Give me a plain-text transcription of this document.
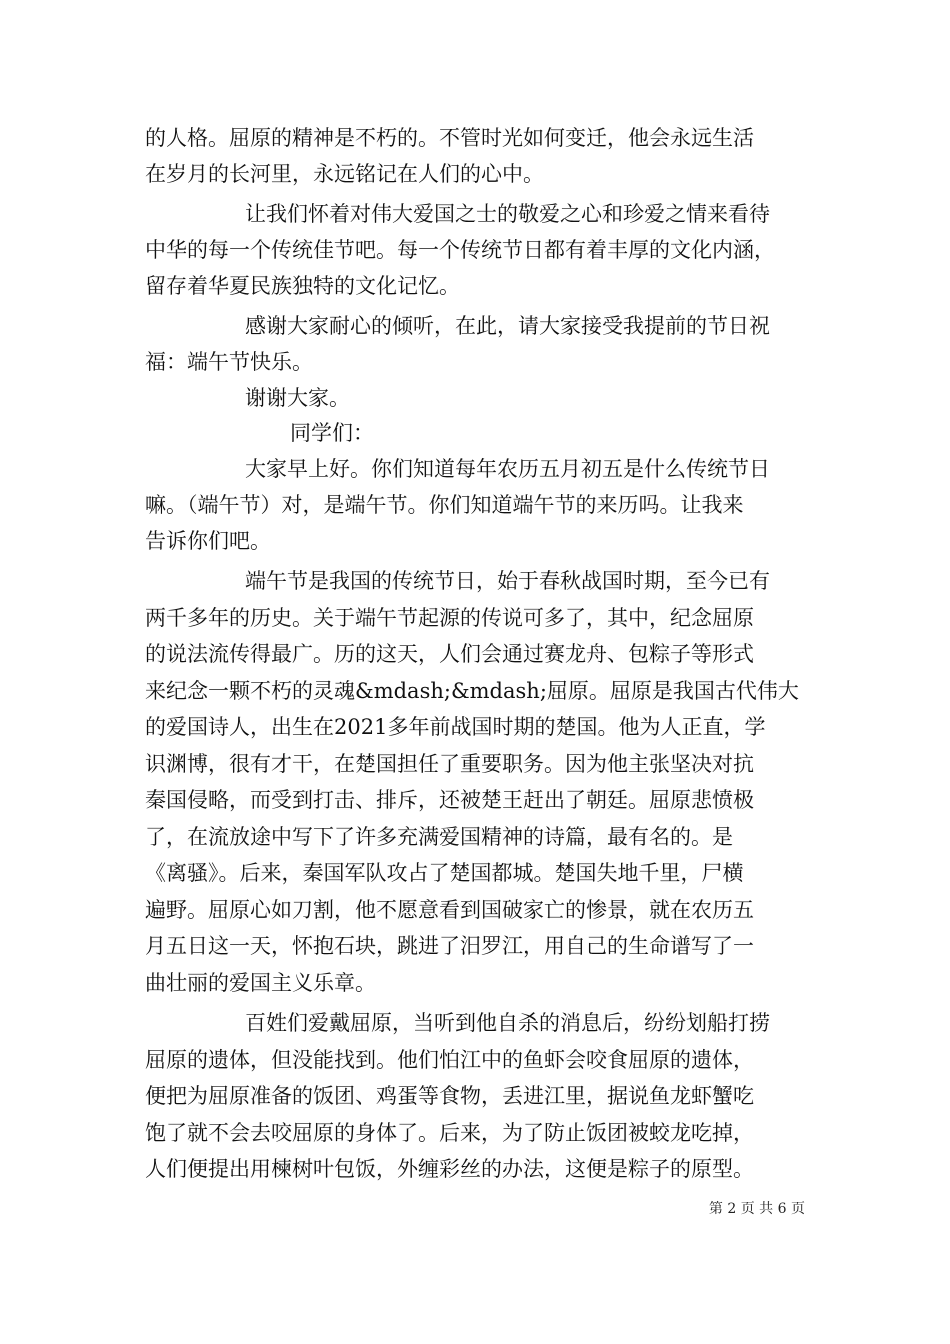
的人格。屈原的精神是不朽的。不管时光如何变迁，他会永远生活
在岁月的长河里，永远铭记在人们的心中。
让我们怀着对伟大爱国之士的敬爱之心和珍爱之情来看待
中华的每一个传统佳节吧。每一个传统节日都有着丰厚的文化内涵，
留存着华夏民族独特的文化记忆。
感谢大家耐心的倾听，在此，请大家接受我提前的节日祝
福：端午节快乐。
谢谢大家。
同学们：
大家早上好。你们知道每年农历五月初五是什么传统节日
嘛。（端午节）对，是端午节。你们知道端午节的来历吗。让我来
告诉你们吧。
端午节是我国的传统节日，始于春秋战国时期，至今已有
两千多年的历史。关于端午节起源的传说可多了，其中，纪念屈原
的说法流传得最广。历的这天，人们会通过赛龙舟、包粽子等形式
来纪念一颗不朽的灵魂&mdash;&mdash;屈原。屈原是我国古代伟大
的爱国诗人，出生在2021多年前战国时期的楚国。他为人正直，学
识渊博，很有才干，在楚国担任了重要职务。因为他主张坚决对抗
秦国侵略，而受到打击、排斥，还被楚王赶出了朝廷。屈原悲愤极
了，在流放途中写下了许多充满爱国精神的诗篇，最有名的。是
《离骚》。后来，秦国军队攻占了楚国都城。楚国失地千里，尸横
遍野。屈原心如刀割，他不愿意看到国破家亡的惨景，就在农历五
月五日这一天，怀抱石块，跳进了汨罗江，用自己的生命谱写了一
曲壮丽的爱国主义乐章。
百姓们爱戴屈原，当听到他自杀的消息后，纷纷划船打捞
屈原的遗体，但没能找到。他们怕江中的鱼虾会咬食屈原的遗体，
便把为屈原准备的饭团、鸡蛋等食物，丢进江里，据说鱼龙虾蟹吃
饱了就不会去咬屈原的身体了。后来，为了防止饭团被蛟龙吃掉，
人们便提出用楝树叶包饭，外缠彩丝的办法，这便是粽子的原型。
第 2 页 共 6 页
